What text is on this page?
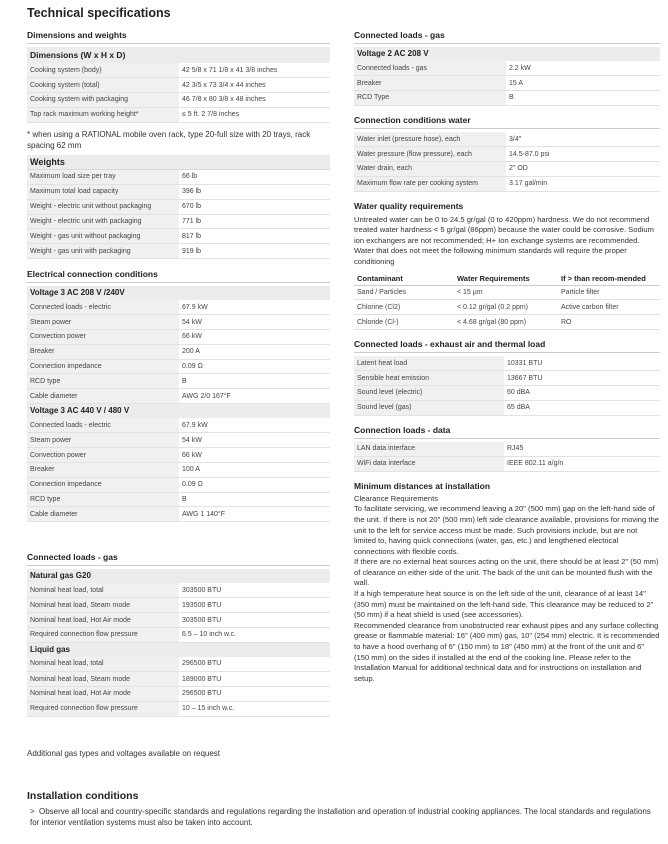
Technical specifications
Dimensions and weights
Dimensions (W x H x D)
Cooking system (body)	42 5/8 x 71 1/8 x 41 3/8 inches
Cooking system (total)	42 3/5 x 73 3/4 x 44 inches
Cooking system with packaging	46 7/8 x 80 3/8 x 48 inches
Top rack maximum working height*	≤ 5 ft. 2 7/8 inches
* when using a RATIONAL mobile oven rack, type 20-full size with 20 trays, rack spacing 62 mm
Weights
Maximum load size per tray	66 lb
Maximum total load capacity	396 lb
Weight - electric unit without packaging	670 lb
Weight - electric unit with packaging	771 lb
Weight - gas unit without packaging	817 lb
Weight - gas unit with packaging	919 lb
Electrical connection conditions
Voltage 3 AC 208 V /240V
Connected loads - electric	67.9 kW
Steam power	54 kW
Convection power	66 kW
Breaker	200 A
Connection impedance	0.09 Ω
RCD type	B
Cable diameter	AWG 2/0 167°F
Voltage 3 AC 440 V / 480 V
Connected loads - electric	67.9 kW
Steam power	54 kW
Convection power	66 kW
Breaker	100 A
Connection impedance	0.09 Ω
RCD type	B
Cable diameter	AWG 1 140°F
Connected loads - gas
Natural gas G20
Nominal heat load, total	303500 BTU
Nominal heat load, Steam mode	193500 BTU
Nominal heat load, Hot Air mode	303500 BTU
Required connection flow pressure	6.5 – 10 inch w.c.
Liquid gas
Nominal heat load, total	296500 BTU
Nominal heat load, Steam mode	189000 BTU
Nominal heat load, Hot Air mode	296500 BTU
Required connection flow pressure	10 – 15 inch w.c.
Additional gas types and voltages available on request
Connected loads - gas
Voltage 2 AC 208 V
Connected loads - gas	2.2 kW
Breaker	15 A
RCD Type	B
Connection conditions water
Water inlet (pressure hose), each	3/4"
Water pressure (flow pressure), each	14.5-87.0 psi
Water drain, each	2" OD
Maximum flow rate per cooking system	3.17 gal/min
Water quality requirements
Untreated water can be 0 to 24.5 gr/gal (0 to 420ppm) hardness. We do not recommend treated water hardness < 5 gr/gal (86ppm) because the water could be corrosive. Sodium ion exchangers are not recommended; H+ Ion exchange systems are recommended. Water that does not meet the following minimum standards will require the proper conditioning
Contaminant	Water Requirements	If > than recom-mended
Sand / Particles	< 15 µm	Particle filter
Chlorine (Cl2)	< 0.12 gr/gal (0.2 ppm)	Active carbon filter
Chloride (Cl-)	< 4.68 gr/gal (80 ppm)	RO
Connected loads - exhaust air and thermal load
Latent heat load	10331 BTU
Sensible heat emission	13667 BTU
Sound level (electric)	60 dBA
Sound level (gas)	65 dBA
Connection loads - data
LAN data interface	RJ45
WiFi data interface	IEEE 802.11 a/g/n
Minimum distances at installation
Clearance Requirements
To facilitate servicing, we recommend leaving a 20" (500 mm) gap on the left-hand side of the unit. If there is not 20" (500 mm) left side clearance available, provisions for moving the unit to the left for service access must be made. Such provisions include, but are not limited to, having quick connections (water, gas, etc.) and lengthened electrical connections with flexible cords.
If there are no external heat sources acting on the unit, there should be at least 2" (50 mm) of clearance on either side of the unit. The back of the unit can be mounted flush with the wall.
If a high temperature heat source is on the left side of the unit, clearance of at least 14" (350 mm) must be maintained on the left-hand side. This clearance may be reduced to 2" (50 mm) if a heat shield is used (see accessories).
Recommended clearance from unobstructed rear exhaust pipes and any surface collecting grease or flammable material: 16" (400 mm) gas, 10" (254 mm) electric. It is recommended to have a hood overhang of 6" (150 mm) to 18" (450 mm) at the front of the unit and 6" (150 mm) on the sides if installed at the end of the cooking line. Please refer to the Installation Manual for additional technical data and for instructions on installation and setup.
Installation conditions
> Observe all local and country-specific standards and regulations regarding the installation and operation of industrial cooking appliances. The local standards and regulations for interior ventilation systems must also be taken into account.
